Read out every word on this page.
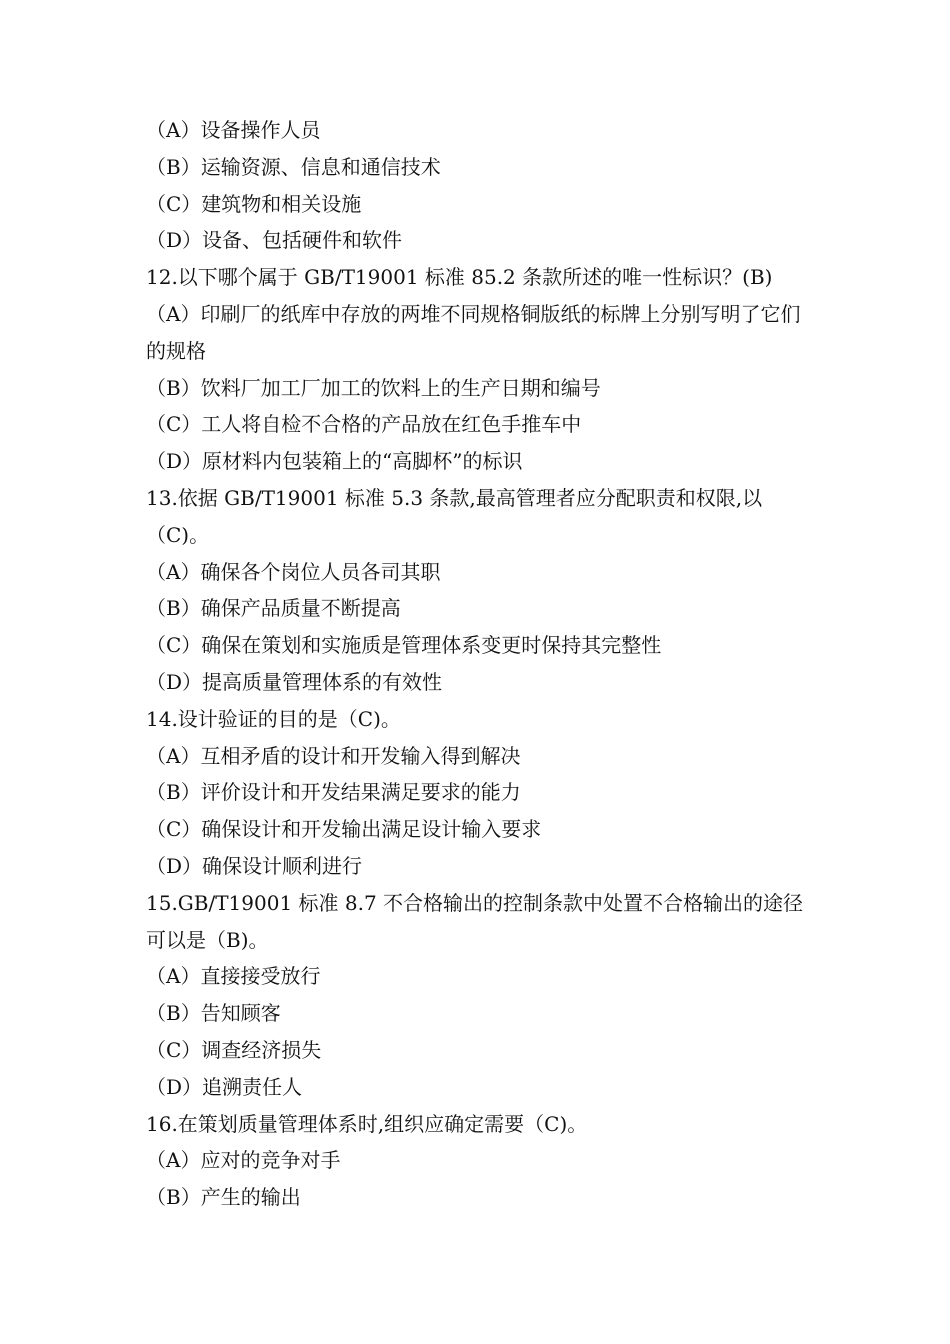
（A）设备操作人员
（B）运输资源、信息和通信技术
（C）建筑物和相关设施
（D）设备、包括硬件和软件
12.以下哪个属于 GB/T19001 标准 85.2 条款所述的唯一性标识？(B)
（A）印刷厂的纸库中存放的两堆不同规格铜版纸的标牌上分别写明了它们的规格
（B）饮料厂加工厂加工的饮料上的生产日期和编号
（C）工人将自检不合格的产品放在红色手推车中
（D）原材料内包装箱上的“高脚杯”的标识
13.依据 GB/T19001 标准 5.3 条款,最高管理者应分配职责和权限,以（C)。
（A）确保各个岗位人员各司其职
（B）确保产品质量不断提高
（C）确保在策划和实施质是管理体系变更时保持其完整性
（D）提高质量管理体系的有效性
14.设计验证的目的是（C)。
（A）互相矛盾的设计和开发输入得到解决
（B）评价设计和开发结果满足要求的能力
（C）确保设计和开发输出满足设计输入要求
（D）确保设计顺利进行
15.GB/T19001 标准 8.7 不合格输出的控制条款中处置不合格输出的途径可以是（B)。
（A）直接接受放行
（B）告知顾客
（C）调查经济损失
（D）追溯责任人
16.在策划质量管理体系时,组织应确定需要（C)。
（A）应对的竞争对手
（B）产生的输出
